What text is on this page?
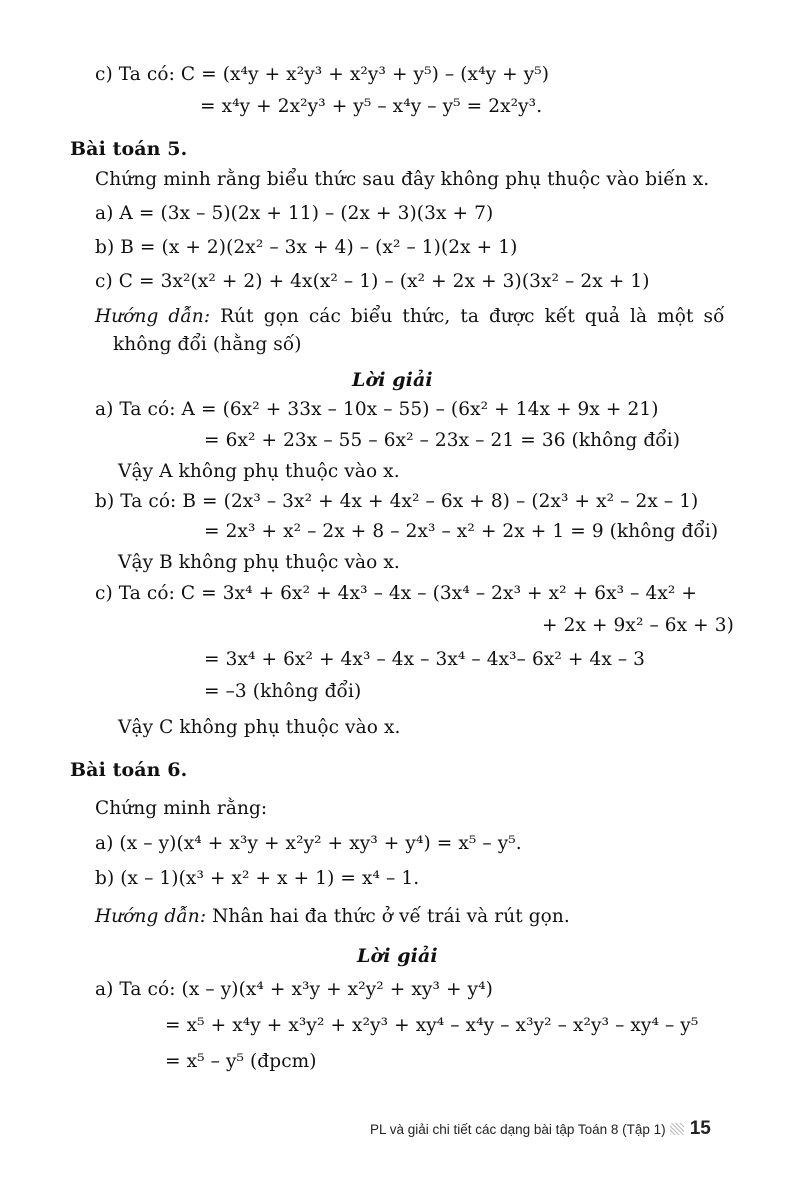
c) Ta có: C = (x⁴y + x²y³ + x²y³ + y⁵) – (x⁴y + y⁵)
= x⁴y + 2x²y³ + y⁵ – x⁴y – y⁵ = 2x²y³.
Bài toán 5.
Chứng minh rằng biểu thức sau đây không phụ thuộc vào biến x.
a) A = (3x – 5)(2x + 11) – (2x + 3)(3x + 7)
b) B = (x + 2)(2x² – 3x + 4) – (x² – 1)(2x + 1)
c) C = 3x²(x² + 2) + 4x(x² – 1) – (x² + 2x + 3)(3x² – 2x + 1)
Hướng dẫn: Rút gọn các biểu thức, ta được kết quả là một số
không đổi (hằng số)
Lời giải
a) Ta có: A = (6x² + 33x – 10x – 55) – (6x² + 14x + 9x + 21)
= 6x² + 23x – 55 – 6x² – 23x – 21 = 36 (không đổi)
Vậy A không phụ thuộc vào x.
b) Ta có: B = (2x³ – 3x² + 4x + 4x² – 6x + 8) – (2x³ + x² – 2x – 1)
= 2x³ + x² – 2x + 8 – 2x³ – x² + 2x + 1 = 9 (không đổi)
Vậy B không phụ thuộc vào x.
c) Ta có: C = 3x⁴ + 6x² + 4x³ – 4x – (3x⁴ – 2x³ + x² + 6x³ – 4x² +
+ 2x + 9x² – 6x + 3)
= 3x⁴ + 6x² + 4x³ – 4x – 3x⁴ – 4x³– 6x² + 4x – 3
= –3 (không đổi)
Vậy C không phụ thuộc vào x.
Bài toán 6.
Chứng minh rằng:
a) (x – y)(x⁴ + x³y + x²y² + xy³ + y⁴) = x⁵ – y⁵.
b) (x – 1)(x³ + x² + x + 1) = x⁴ – 1.
Hướng dẫn: Nhân hai đa thức ở vế trái và rút gọn.
Lời giải
a) Ta có: (x – y)(x⁴ + x³y + x²y² + xy³ + y⁴)
= x⁵ + x⁴y + x³y² + x²y³ + xy⁴ – x⁴y – x³y² – x²y³ – xy⁴ – y⁵
= x⁵ – y⁵ (đpcm)
PL và giải chi tiết các dạng bài tập Toán 8 (Tập 1) 15
